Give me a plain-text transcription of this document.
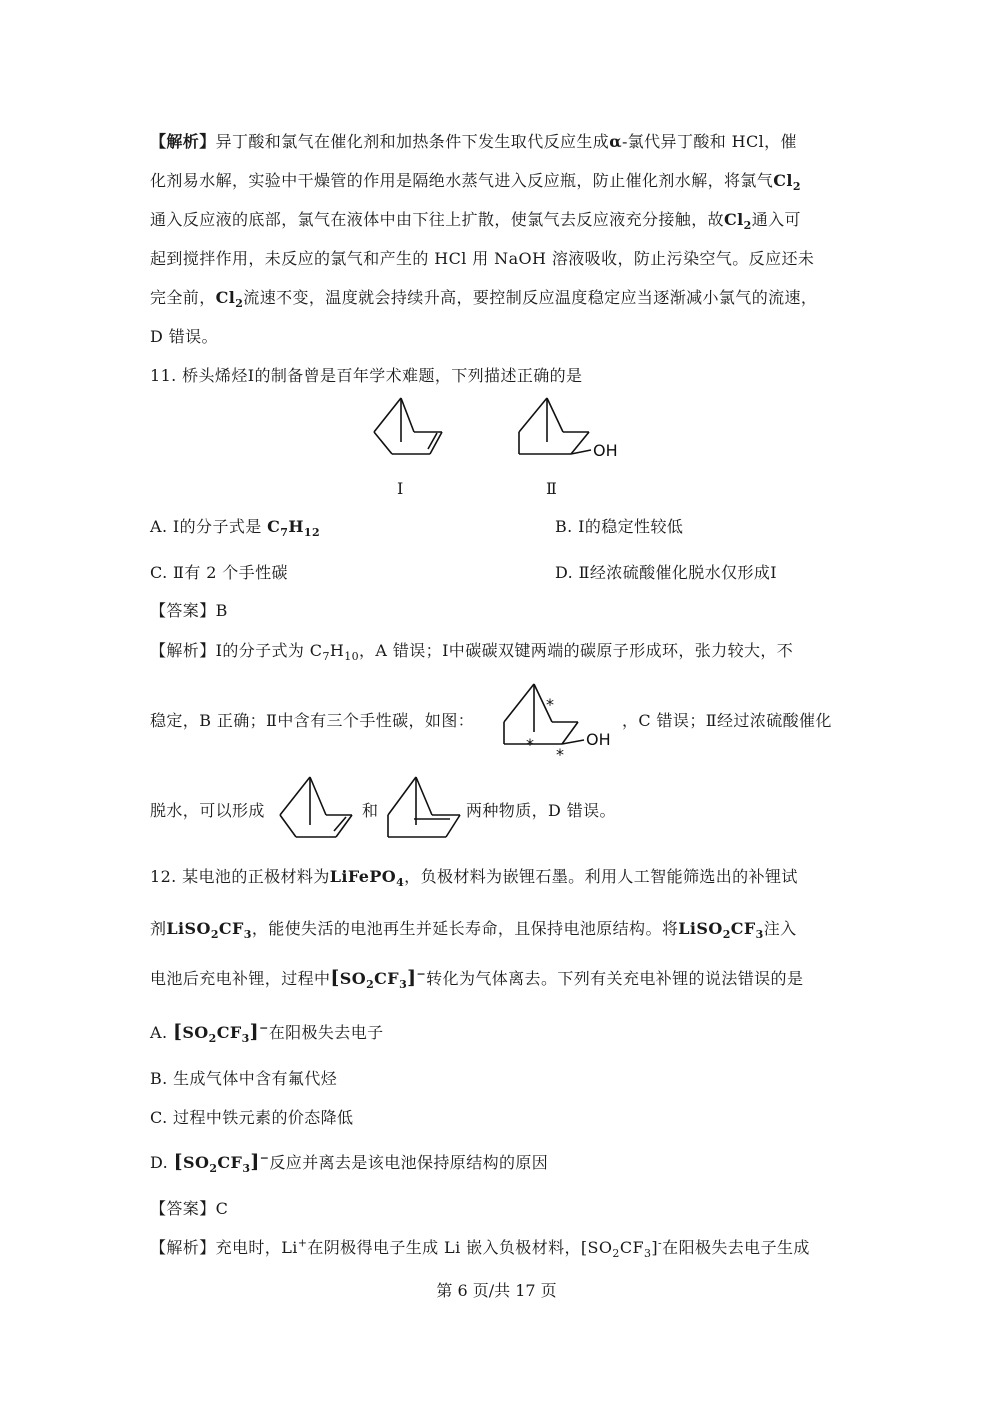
【解析】异丁酸和氯气在催化剂和加热条件下发生取代反应生成α-氯代异丁酸和 HCl，催
化剂易水解，实验中干燥管的作用是隔绝水蒸气进入反应瓶，防止催化剂水解，将氯气$Cl_2$
通入反应液的底部，氯气在液体中由下往上扩散，使氯气去反应液充分接触，故$Cl_2$通入可
起到搅拌作用，未反应的氯气和产生的 HCl 用 NaOH 溶液吸收，防止污染空气。反应还未
完全前，$Cl_2$流速不变，温度就会持续升高，要控制反应温度稳定应当逐渐减小氯气的流速，
D 错误。
11. 桥头烯烃Ⅰ的制备曾是百年学术难题，下列描述正确的是
Ⅰ
OH
Ⅱ
A. Ⅰ的分子式是 $C_7H_{12}$	B. Ⅰ的稳定性较低
C. Ⅱ有 2 个手性碳	D. Ⅱ经浓硫酸催化脱水仅形成Ⅰ
【答案】B
【解析】Ⅰ的分子式为 $C_7H_{10}$，A 错误；Ⅰ中碳碳双键两端的碳原子形成环，张力较大，不
稳定，B 正确；Ⅱ中含有三个手性碳，如图：
OH
*
*
*
，C 错误；Ⅱ经过浓硫酸催化
脱水，可以形成	和	两种物质，D 错误。
12. 某电池的正极材料为LiFePO$_4$，负极材料为嵌锂石墨。利用人工智能筛选出的补锂试
剂$LiSO_2CF_3$，能使失活的电池再生并延长寿命，且保持电池原结构。将$LiSO_2CF_3$注入
电池后充电补锂，过程中$[SO_2CF_3]^-$转化为气体离去。下列有关充电补锂的说法错误的是
A. $[SO_2CF_3]^-$在阳极失去电子
B. 生成气体中含有氟代烃
C. 过程中铁元素的价态降低
D. $[SO_2CF_3]^-$反应并离去是该电池保持原结构的原因
【答案】C
【解析】充电时，Li+在阴极得电子生成 Li 嵌入负极材料，$[SO_2CF_3]^-$在阳极失去电子生成
第 6 页/共 17 页
